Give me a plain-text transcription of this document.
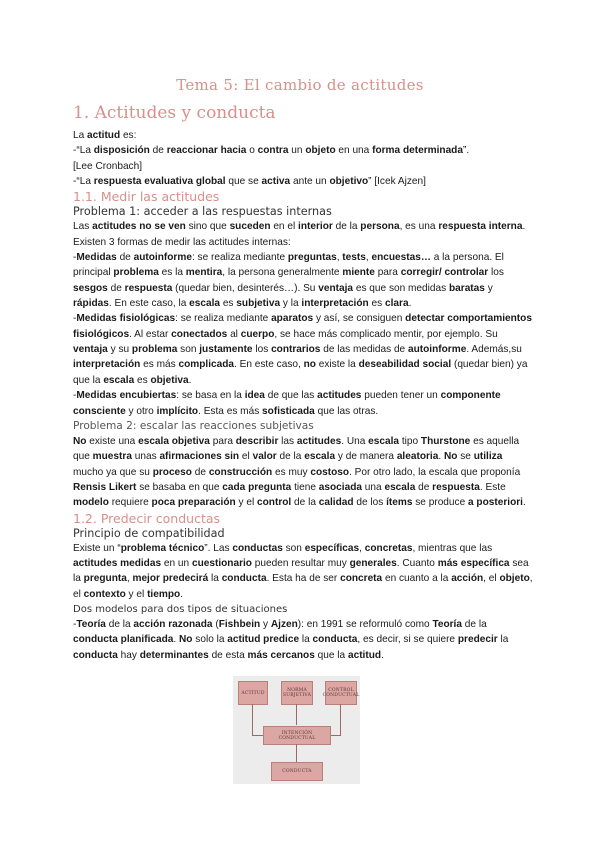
Tema 5: El cambio de actitudes
1. Actitudes y conducta

La actitud es:

-“La disposición de reaccionar hacia o contra un objeto en una forma determinada”.

[Lee Cronbach]

-“La respuesta evaluativa global que se activa ante un objetivo” [Icek Ajzen]

1.1. Medir las actitudes

Problema 1: acceder a las respuestas internas

Las actitudes no se ven sino que suceden en el interior de la persona, es una respuesta interna. Existen 3 formas de medir las actitudes internas:

-Medidas de autoinforme: se realiza mediante preguntas, tests, encuestas… a la persona. El principal problema es la mentira, la persona generalmente miente para corregir/ controlar los sesgos de respuesta (quedar bien, desinterés…). Su ventaja es que son medidas baratas y rápidas. En este caso, la escala es subjetiva y la interpretación es clara.

-Medidas fisiológicas: se realiza mediante aparatos y así, se consiguen detectar comportamientos fisiológicos. Al estar conectados al cuerpo, se hace más complicado mentir, por ejemplo. Su ventaja y su problema son justamente los contrarios de las medidas de autoinforme. Además,su interpretación es más complicada. En este caso, no existe la deseabilidad social (quedar bien) ya que la escala es objetiva.

-Medidas encubiertas: se basa en la idea de que las actitudes pueden tener un componente consciente y otro implícito. Esta es más sofisticada que las otras.

Problema 2: escalar las reacciones subjetivas

No existe una escala objetiva para describir las actitudes. Una escala tipo Thurstone es aquella que muestra unas afirmaciones sin el valor de la escala y de manera aleatoria. No se utiliza mucho ya que su proceso de construcción es muy costoso. Por otro lado, la escala que proponía Rensis Likert se basaba en que cada pregunta tiene asociada una escala de respuesta. Este modelo requiere poca preparación y el control de la calidad de los ítems se produce a posteriori.

1.2. Predecir conductas

Principio de compatibilidad

Existe un “problema técnico”. Las conductas son específicas, concretas, mientras que las actitudes medidas en un cuestionario pueden resultar muy generales. Cuanto más específica sea la pregunta, mejor predecirá la conducta. Esta ha de ser concreta en cuanto a la acción, el objeto, el contexto y el tiempo.

Dos modelos para dos tipos de situaciones

-Teoría de la acción razonada (Fishbein y Ajzen): en 1991 se reformuló como Teoría de la conducta planificada. No solo la actitud predice la conducta, es decir, si se quiere predecir la conducta hay determinantes de esta más cercanos que la actitud.

ACTITUD	NORMA SUBJETIVA
CONTROL CONDUCTUAL
INTENCIÓN CONDUCTUAL
CONDUCTA
